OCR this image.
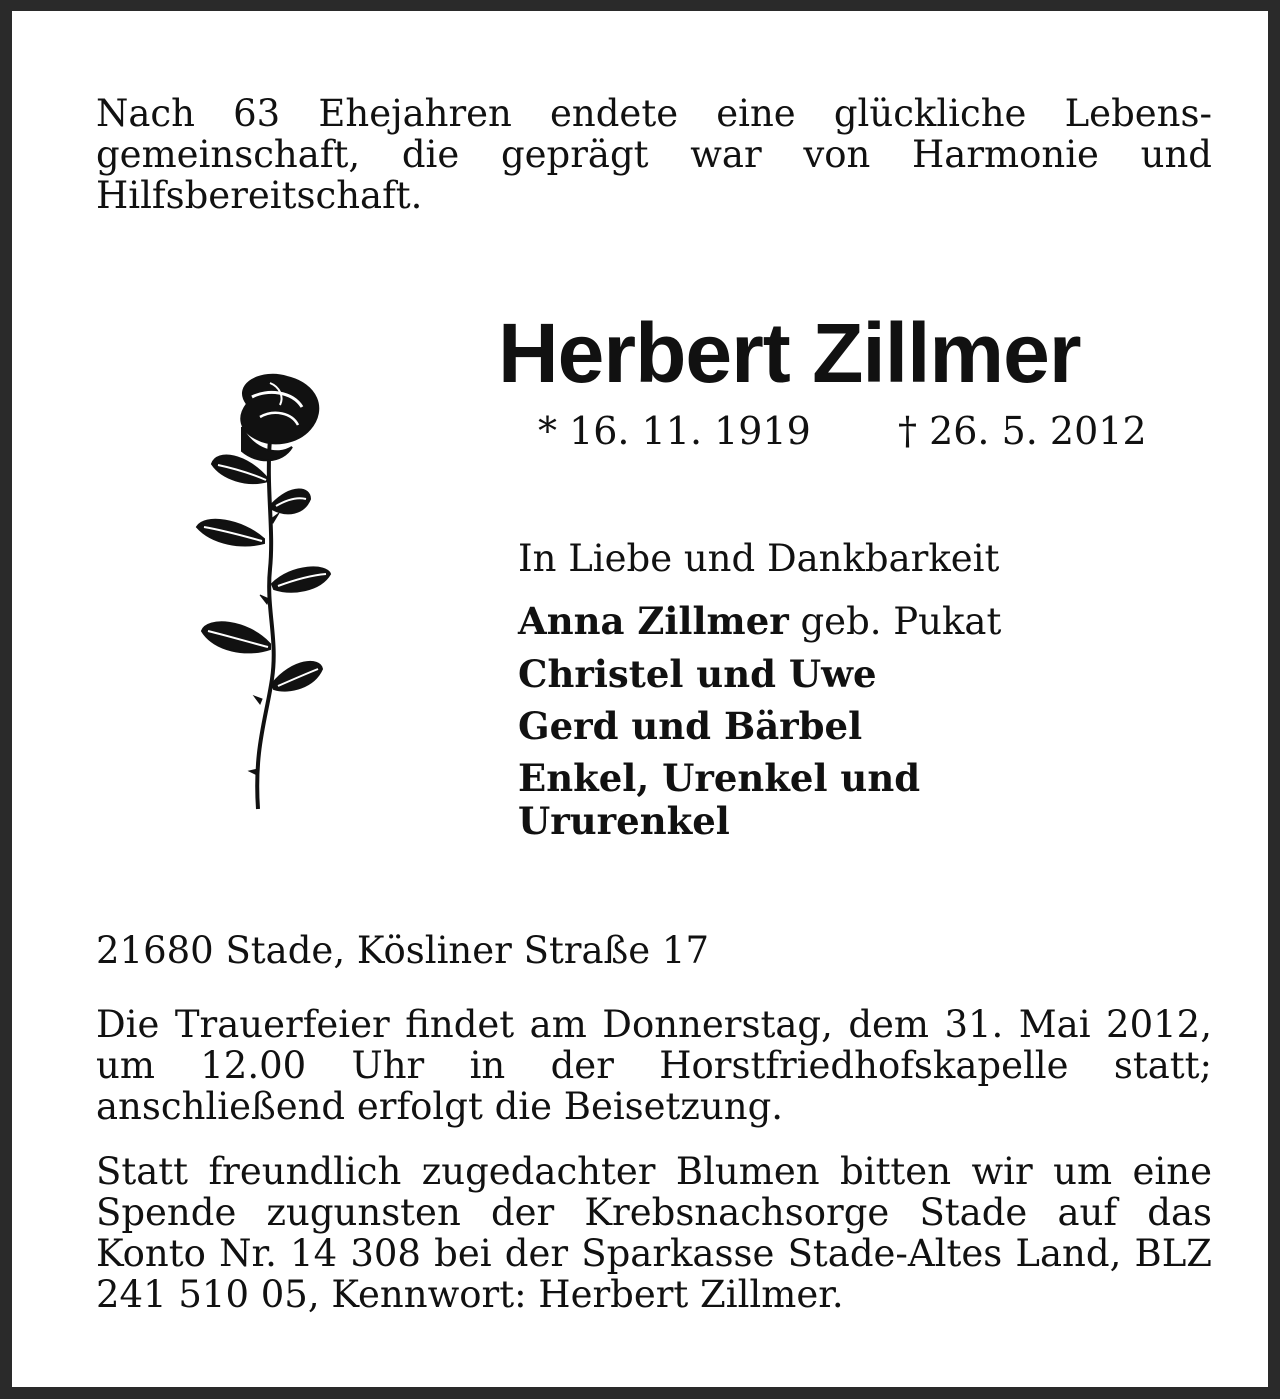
Nach 63 Ehejahren endete eine glückliche Lebensgemeinschaft, die geprägt war von Harmonie und Hilfsbereitschaft.

Herbert Zillmer

* 16. 11. 1919 † 26. 5. 2012

In Liebe und Dankbarkeit

Anna Zillmer geb. Pukat

Christel und Uwe

Gerd und Bärbel

Enkel, Urenkel und
Ururenkel

21680 Stade, Kösliner Straße 17

Die Trauerfeier findet am Donnerstag, dem 31. Mai 2012, um 12.00 Uhr in der Horstfriedhofskapelle statt; anschließend erfolgt die Beisetzung.

Statt freundlich zugedachter Blumen bitten wir um eine Spende zugunsten der Krebsnachsorge Stade auf das Konto Nr. 14 308 bei der Sparkasse Stade-Altes Land, BLZ 241 510 05, Kennwort: Herbert Zillmer.
